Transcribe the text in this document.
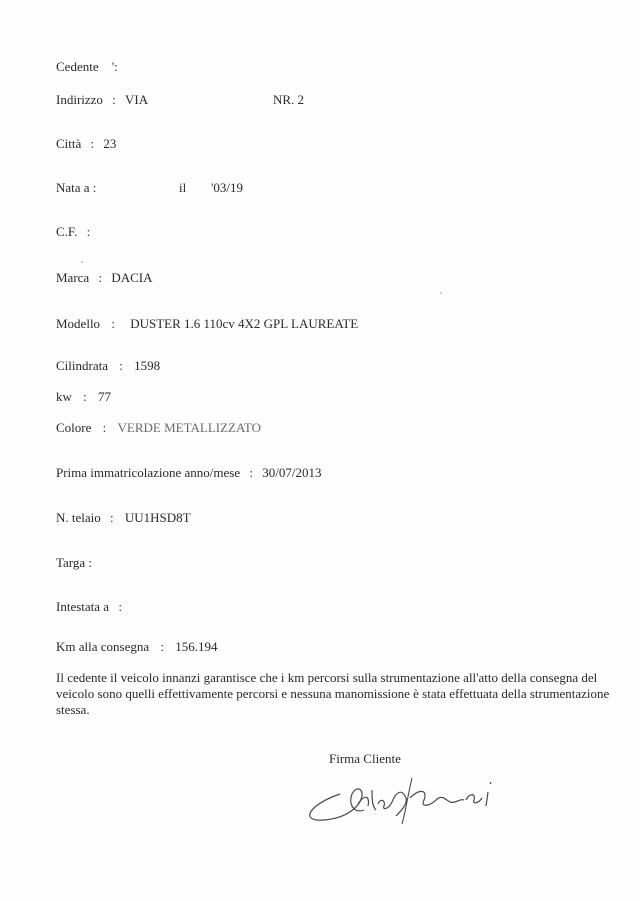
Cedente ':
Indirizzo : VIA	NR. 2
Città : 23
Nata a :	il '03/19
C.F. :
Marca : DACIA
Modello : DUSTER 1.6 110cv 4X2 GPL LAUREATE
Cilindrata : 1598
kw : 77
Colore : VERDE METALLIZZATO
Prima immatricolazione anno/mese : 30/07/2013
N. telaio : UU1HSD8T
Targa :
Intestata a :
Km alla consegna : 156.194
Il cedente il veicolo innanzi garantisce che i km percorsi sulla strumentazione all'atto della consegna del veicolo sono quelli effettivamente percorsi e nessuna manomissione è stata effettuata della strumentazione stessa.
Firma Cliente
